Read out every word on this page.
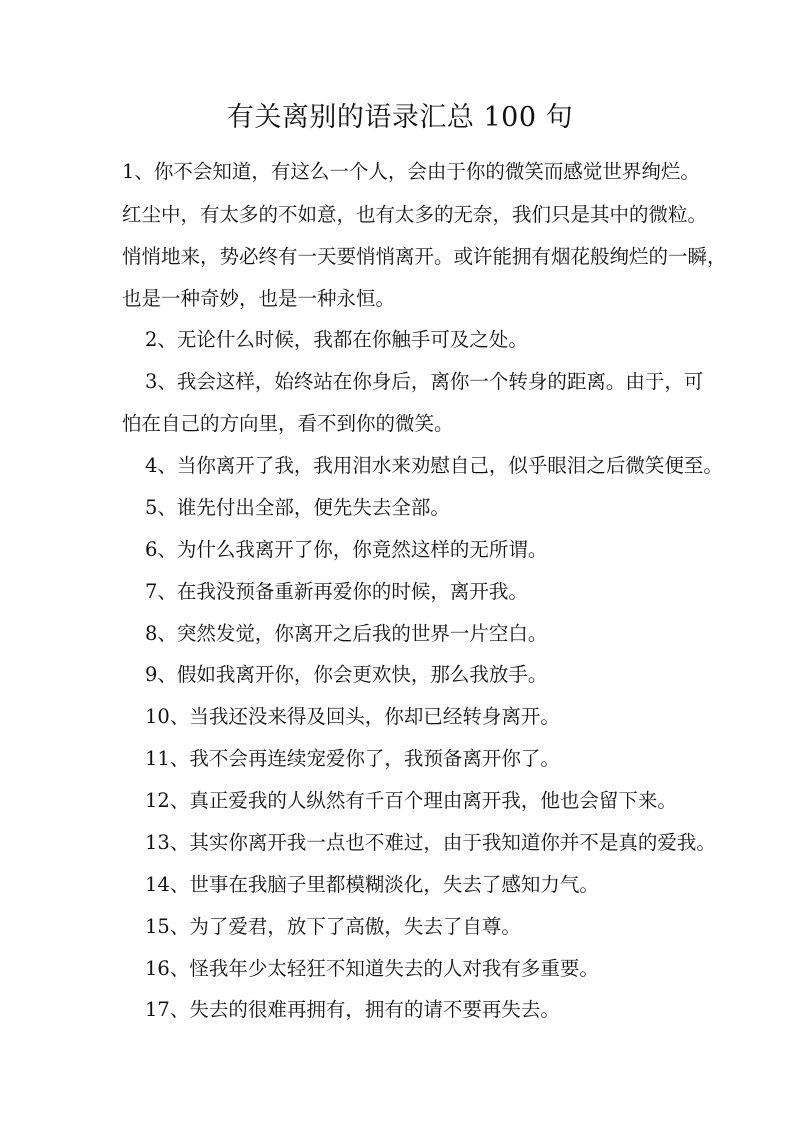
有关离别的语录汇总 100 句

1、你不会知道，有这么一个人，会由于你的微笑而感觉世界绚烂。

红尘中，有太多的不如意，也有太多的无奈，我们只是其中的微粒。

悄悄地来，势必终有一天要悄悄离开。或许能拥有烟花般绚烂的一瞬，

也是一种奇妙，也是一种永恒。

2、无论什么时候，我都在你触手可及之处。

3、我会这样，始终站在你身后，离你一个转身的距离。由于，可

怕在自己的方向里，看不到你的微笑。

4、当你离开了我，我用泪水来劝慰自己，似乎眼泪之后微笑便至。

5、谁先付出全部，便先失去全部。

6、为什么我离开了你，你竟然这样的无所谓。

7、在我没预备重新再爱你的时候，离开我。

8、突然发觉，你离开之后我的世界一片空白。

9、假如我离开你，你会更欢快，那么我放手。

10、当我还没来得及回头，你却已经转身离开。

11、我不会再连续宠爱你了，我预备离开你了。

12、真正爱我的人纵然有千百个理由离开我，他也会留下来。

13、其实你离开我一点也不难过，由于我知道你并不是真的爱我。

14、世事在我脑子里都模糊淡化，失去了感知力气。

15、为了爱君，放下了高傲，失去了自尊。

16、怪我年少太轻狂不知道失去的人对我有多重要。

17、失去的很难再拥有，拥有的请不要再失去。
